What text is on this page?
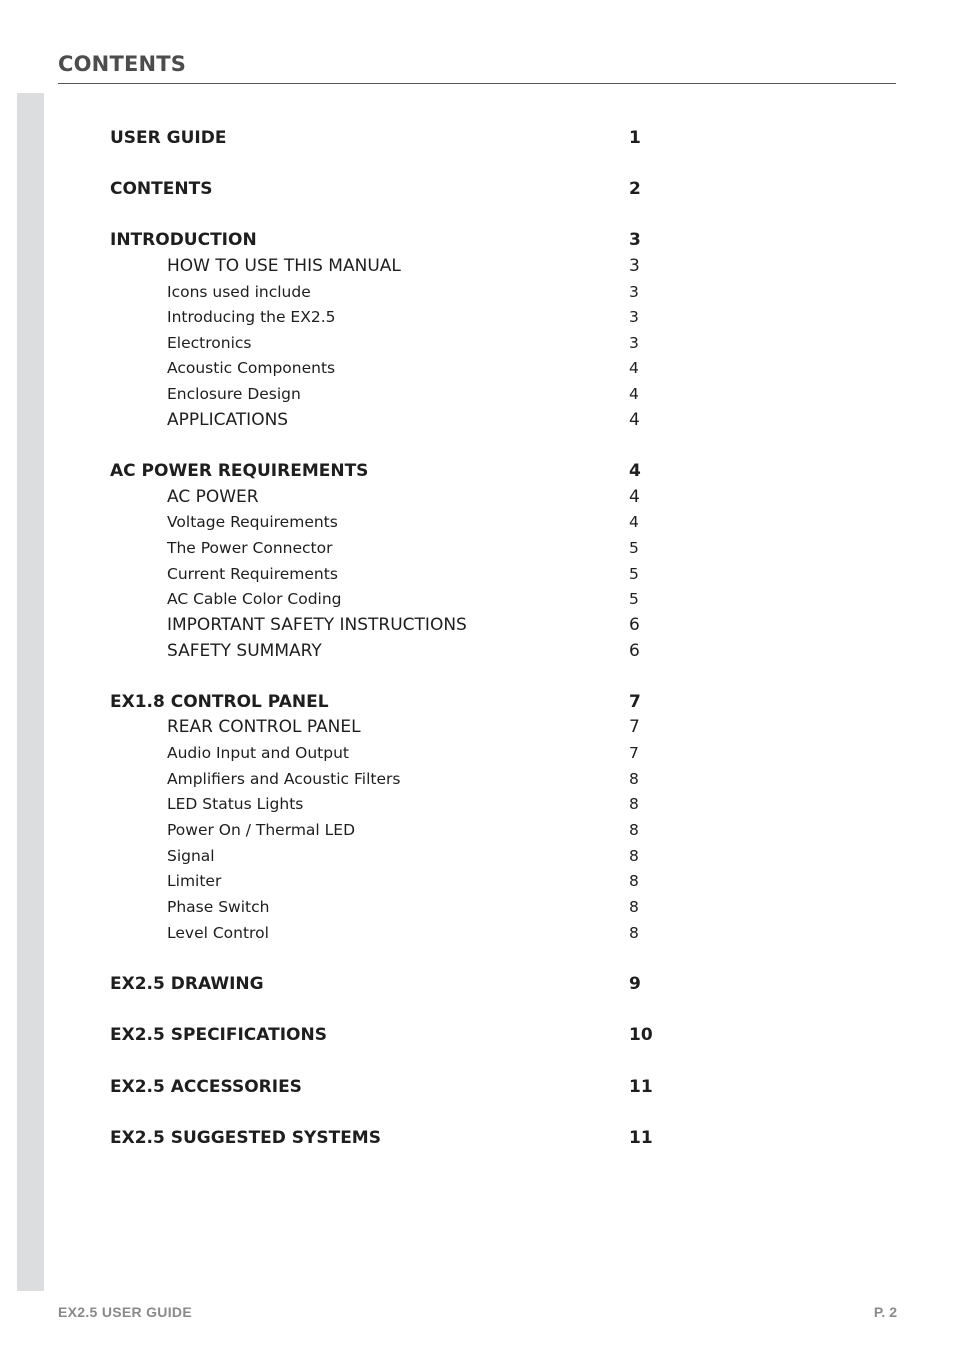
CONTENTS
USER GUIDE	1
CONTENTS	2
INTRODUCTION	3
HOW TO USE THIS MANUAL	3
Icons used include	3
Introducing the EX2.5	3
Electronics	3
Acoustic Components	4
Enclosure Design	4
APPLICATIONS	4
AC POWER REQUIREMENTS	4
AC POWER	4
Voltage Requirements	4
The Power Connector	5
Current Requirements	5
AC Cable Color Coding	5
IMPORTANT SAFETY INSTRUCTIONS	6
SAFETY SUMMARY	6
EX1.8 CONTROL PANEL	7
REAR CONTROL PANEL	7
Audio Input and Output	7
Amplifiers and Acoustic Filters	8
LED Status Lights	8
Power On / Thermal LED	8
Signal	8
Limiter	8
Phase Switch	8
Level Control	8
EX2.5 DRAWING	9
EX2.5 SPECIFICATIONS	10
EX2.5 ACCESSORIES	11
EX2.5 SUGGESTED SYSTEMS	11
EX2.5 USER GUIDE	P. 2
